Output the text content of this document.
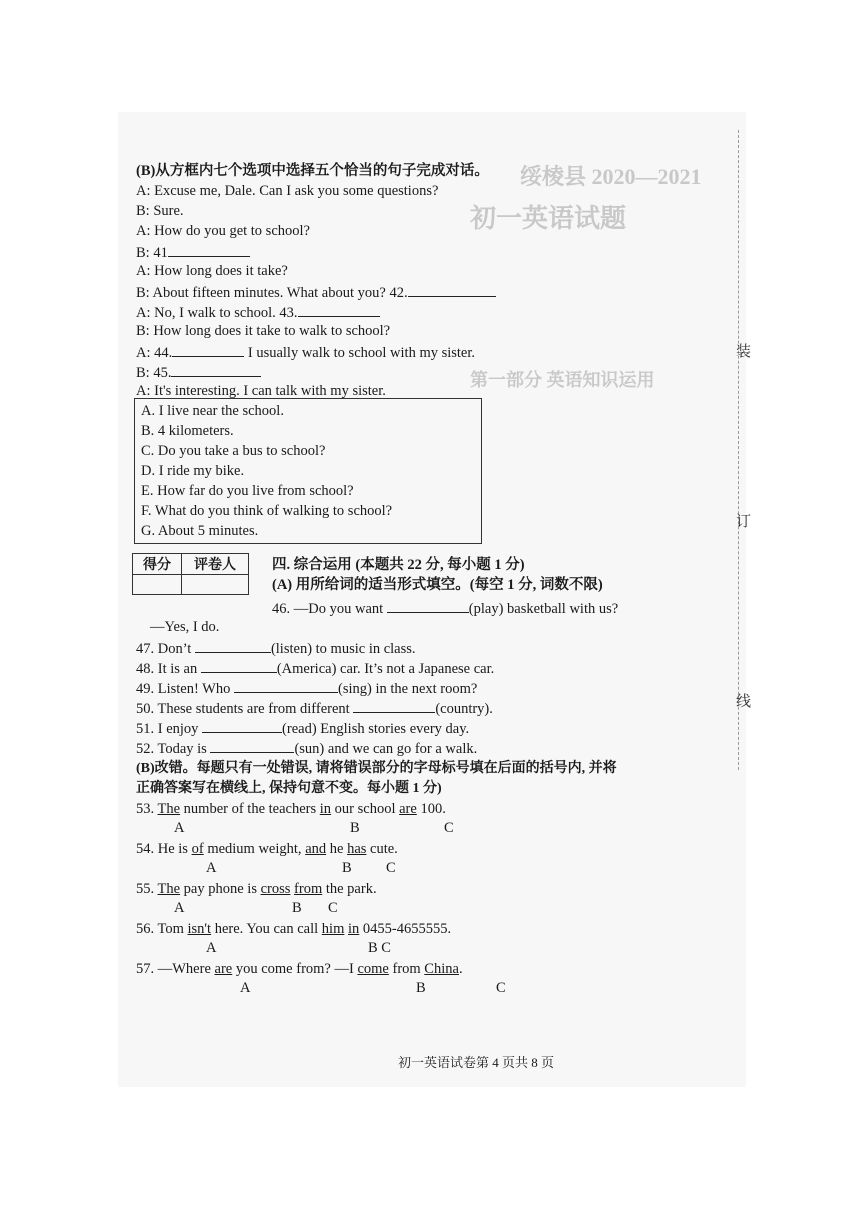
绥棱县 2020—2021
初一英语试题
第一部分 英语知识运用
装
订
线
(B)从方框内七个选项中选择五个恰当的句子完成对话。
A: Excuse me, Dale. Can I ask you some questions?
B: Sure.
A: How do you get to school?
B: 41
A: How long does it take?
B: About fifteen minutes. What about you? 42.
A: No, I walk to school. 43.
B: How long does it take to walk to school?
A: 44.	I usually walk to school with my sister.
B: 45.
A: It's interesting. I can talk with my sister.
A. I live near the school.
B. 4 kilometers.
C. Do you take a bus to school?
D. I ride my bike.
E. How far do you live from school?
F. What do you think of walking to school?
G. About 5 minutes.
得分	评卷人
	四. 综合运用 (本题共 22 分, 每小题 1 分)
(A) 用所给词的适当形式填空。(每空 1 分, 词数不限)
46. —Do you want	(play) basketball with us?
—Yes, I do.
47. Don’t	(listen) to music in class.
48. It is an	(America) car. It’s not a Japanese car.
49. Listen! Who	(sing) in the next room?
50. These students are from different	(country).
51. I enjoy	(read) English stories every day.
52. Today is	(sun) and we can go for a walk.
(B)改错。每题只有一处错误, 请将错误部分的字母标号填在后面的括号内, 并将
正确答案写在横线上, 保持句意不变。每小题 1 分)
53. The number of the teachers in our school are 100.
A	B	C
54. He is of medium weight, and he has cute.
A	B C
55. The pay phone is cross from the park.
A	B C
56. Tom isn't here. You can call him in 0455-4655555.
A	B C
57. —Where are you come from? —I come from China.
A	B	C
初一英语试卷第 4 页共 8 页
